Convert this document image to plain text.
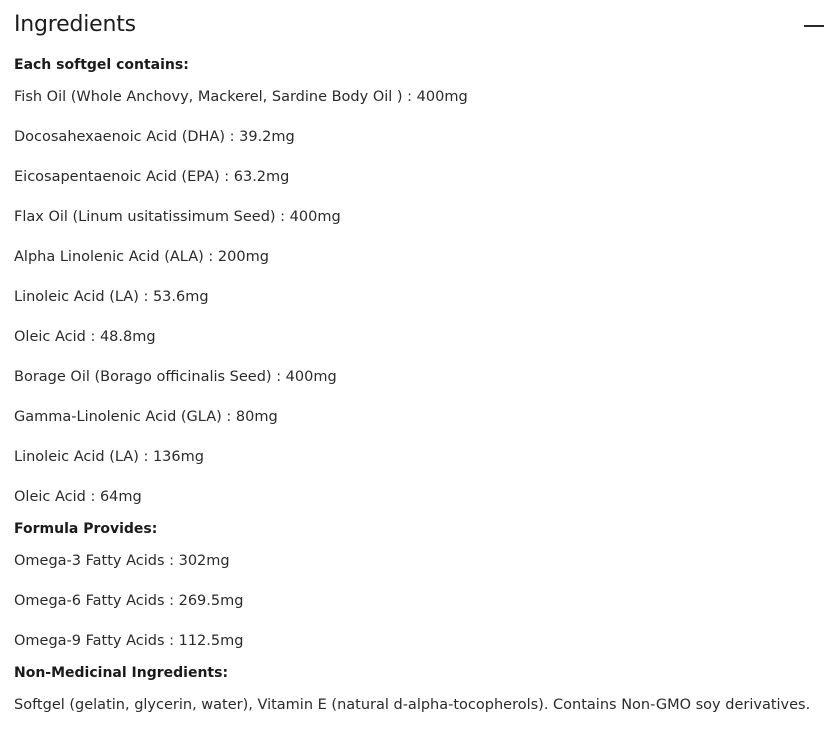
Ingredients
Each softgel contains:
Fish Oil (Whole Anchovy, Mackerel, Sardine Body Oil ) : 400mg
Docosahexaenoic Acid (DHA) : 39.2mg
Eicosapentaenoic Acid (EPA) : 63.2mg
Flax Oil (Linum usitatissimum Seed) : 400mg
Alpha Linolenic Acid (ALA) : 200mg
Linoleic Acid (LA) : 53.6mg
Oleic Acid : 48.8mg
Borage Oil (Borago officinalis Seed) : 400mg
Gamma-Linolenic Acid (GLA) : 80mg
Linoleic Acid (LA) : 136mg
Oleic Acid : 64mg
Formula Provides:
Omega-3 Fatty Acids : 302mg
Omega-6 Fatty Acids : 269.5mg
Omega-9 Fatty Acids : 112.5mg
Non-Medicinal Ingredients:
Softgel (gelatin, glycerin, water), Vitamin E (natural d-alpha-tocopherols). Contains Non-GMO soy derivatives.
